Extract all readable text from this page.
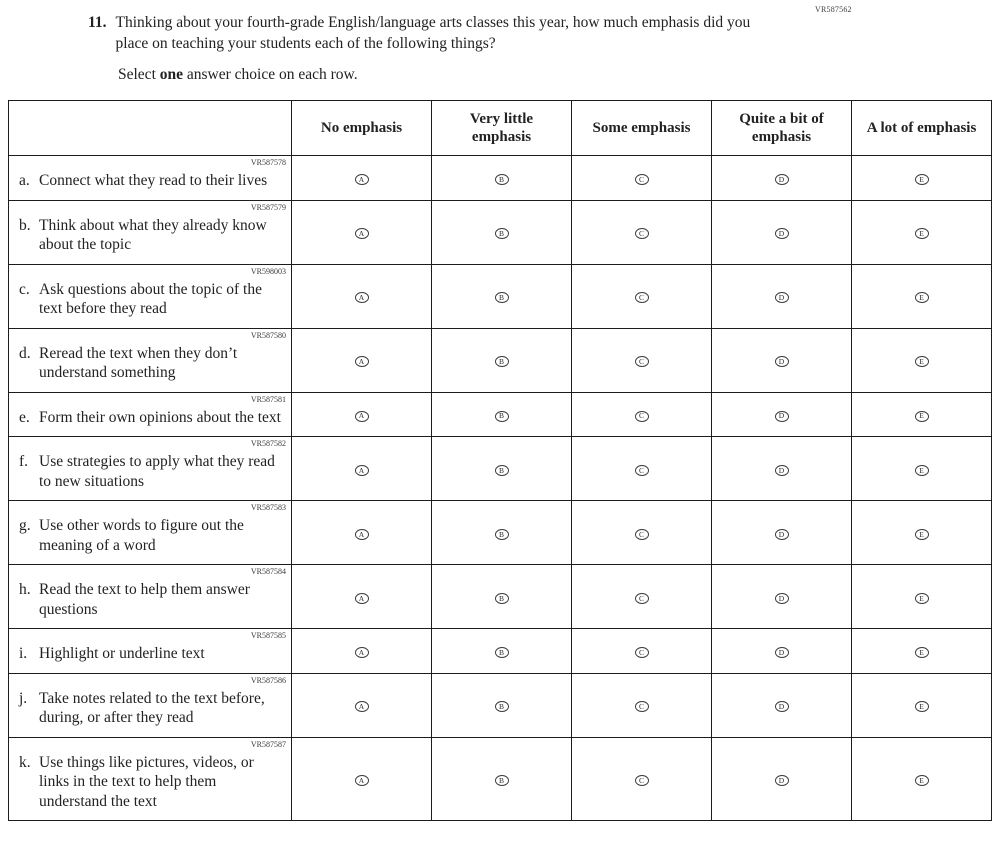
VR587562
11. Thinking about your fourth-grade English/language arts classes this year, how much emphasis did you place on teaching your students each of the following things?
Select one answer choice on each row.
	No emphasis	Very little emphasis	Some emphasis	Quite a bit of emphasis	A lot of emphasis

VR587578
a. Connect what they read to their lives	A	B	C	D	E

VR587579
b. Think about what they already know about the topic	A	B	C	D	E

VR598003
c. Ask questions about the topic of the text before they read	A	B	C	D	E

VR587580
d. Reread the text when they don’t understand something	A	B	C	D	E

VR587581
e. Form their own opinions about the text	A	B	C	D	E

VR587582
f. Use strategies to apply what they read to new situations	A	B	C	D	E

VR587583
g. Use other words to figure out the meaning of a word	A	B	C	D	E

VR587584
h. Read the text to help them answer questions	A	B	C	D	E

VR587585
i. Highlight or underline text	A	B	C	D	E

VR587586
j. Take notes related to the text before, during, or after they read	A	B	C	D	E

VR587587
k. Use things like pictures, videos, or links in the text to help them understand the text	A	B	C	D	E
